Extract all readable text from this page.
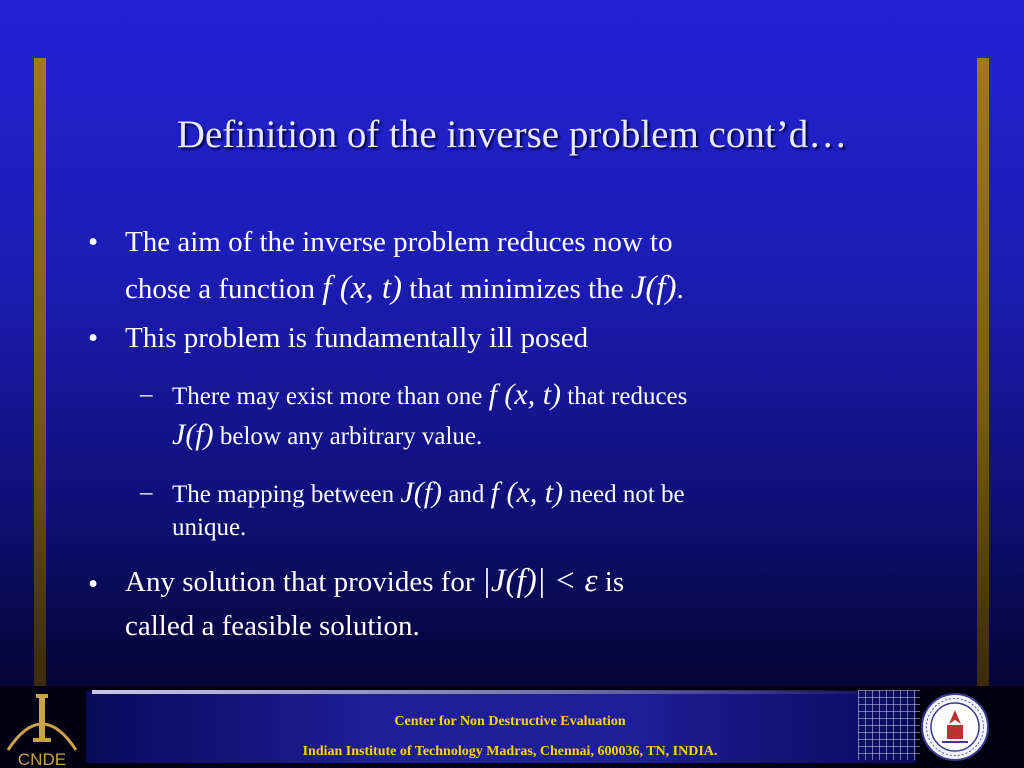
Definition of the inverse problem cont’d…
• The aim of the inverse problem reduces now to
chose a function f (x, t) that minimizes the J(f).
• This problem is fundamentally ill posed
– There may exist more than one f (x, t) that reduces
J(f) below any arbitrary value.
– The mapping between J(f) and f (x, t) need not be
unique.
• Any solution that provides for |J(f)| < ε is
called a feasible solution.
CNDE
Center for Non Destructive Evaluation
Indian Institute of Technology Madras, Chennai, 600036, TN, INDIA.
